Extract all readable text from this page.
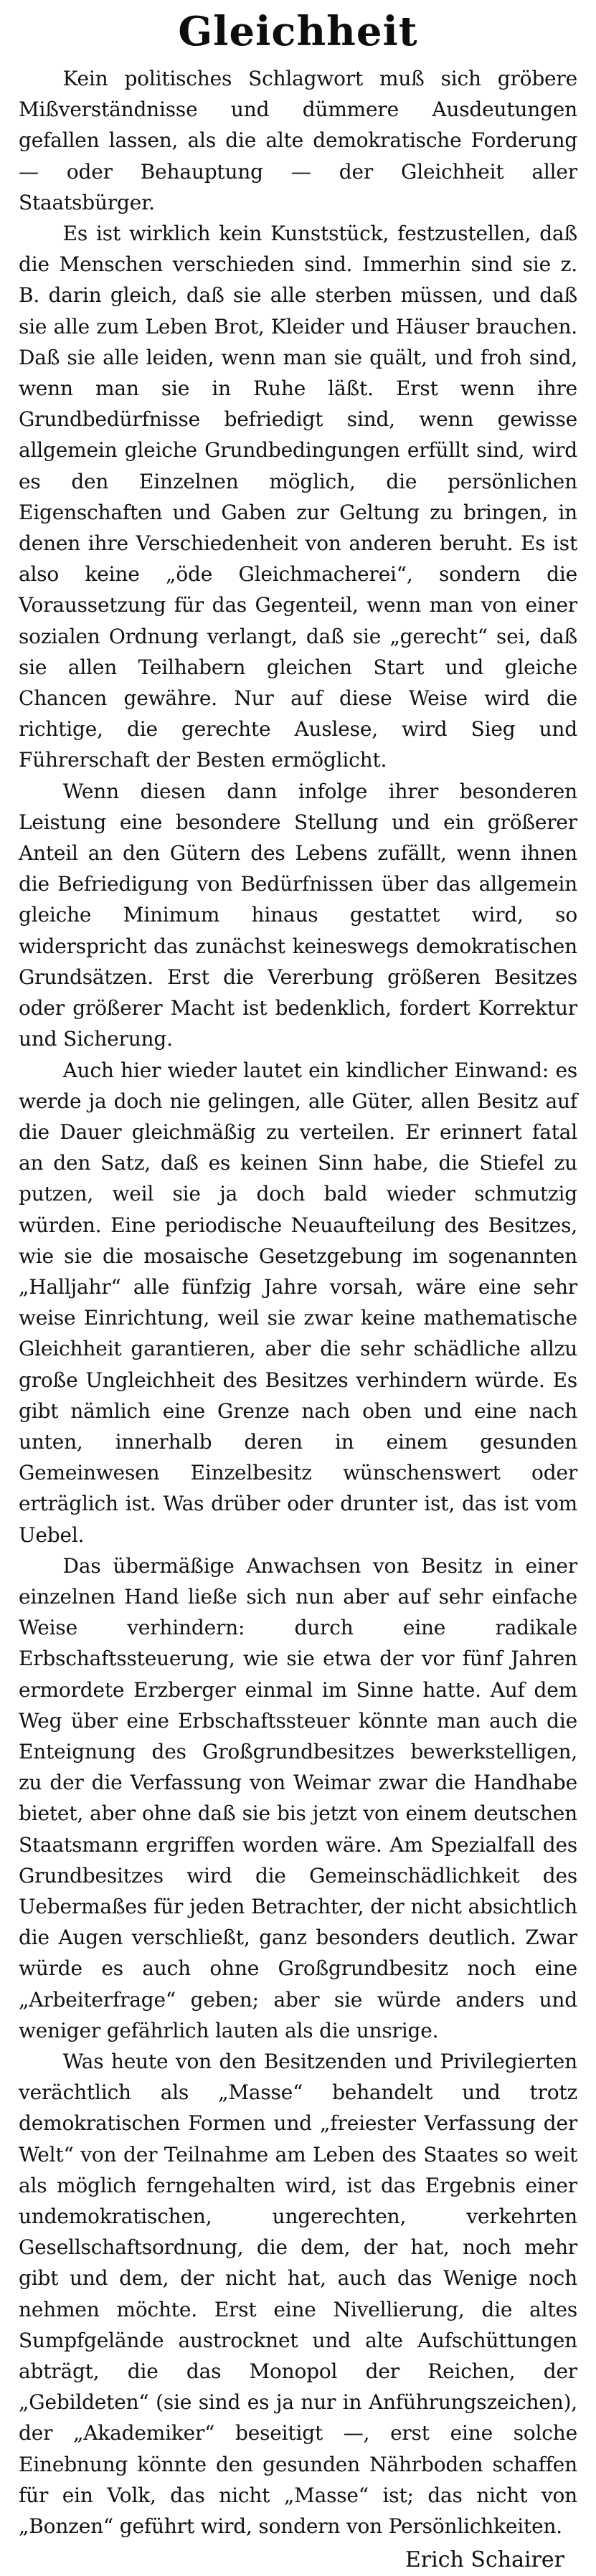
Gleichheit

Kein politisches Schlagwort muß sich gröbere Mißverständnisse und dümmere Ausdeutungen gefallen lassen, als die alte demokratische Forderung — oder Behauptung — der Gleichheit aller Staatsbürger.

Es ist wirklich kein Kunststück, festzustellen, daß die Menschen verschieden sind. Immerhin sind sie z. B. darin gleich, daß sie alle sterben müssen, und daß sie alle zum Leben Brot, Kleider und Häuser brauchen. Daß sie alle leiden, wenn man sie quält, und froh sind, wenn man sie in Ruhe läßt. Erst wenn ihre Grundbedürfnisse befriedigt sind, wenn gewisse allgemein gleiche Grundbedingungen erfüllt sind, wird es den Einzelnen möglich, die persönlichen Eigenschaften und Gaben zur Geltung zu bringen, in denen ihre Verschiedenheit von anderen beruht. Es ist also keine „öde Gleichmacherei“, sondern die Voraussetzung für das Gegenteil, wenn man von einer sozialen Ordnung verlangt, daß sie „gerecht“ sei, daß sie allen Teilhabern gleichen Start und gleiche Chancen gewähre. Nur auf diese Weise wird die richtige, die gerechte Auslese, wird Sieg und Führerschaft der Besten ermöglicht.

Wenn diesen dann infolge ihrer besonderen Leistung eine besondere Stellung und ein größerer Anteil an den Gütern des Lebens zufällt, wenn ihnen die Befriedigung von Bedürfnissen über das allgemein gleiche Minimum hinaus gestattet wird, so widerspricht das zunächst keineswegs demokratischen Grundsätzen. Erst die Vererbung größeren Besitzes oder größerer Macht ist bedenklich, fordert Korrektur und Sicherung.

Auch hier wieder lautet ein kindlicher Einwand: es werde ja doch nie gelingen, alle Güter, allen Besitz auf die Dauer gleichmäßig zu verteilen. Er erinnert fatal an den Satz, daß es keinen Sinn habe, die Stiefel zu putzen, weil sie ja doch bald wieder schmutzig würden. Eine periodische Neuaufteilung des Besitzes, wie sie die mosaische Gesetzgebung im sogenannten „Halljahr“ alle fünfzig Jahre vorsah, wäre eine sehr weise Einrichtung, weil sie zwar keine mathematische Gleichheit garantieren, aber die sehr schädliche allzu große Ungleichheit des Besitzes verhindern würde. Es gibt nämlich eine Grenze nach oben und eine nach unten, innerhalb deren in einem gesunden Gemeinwesen Einzelbesitz wünschenswert oder erträglich ist. Was drüber oder drunter ist, das ist vom Uebel.

Das übermäßige Anwachsen von Besitz in einer einzelnen Hand ließe sich nun aber auf sehr einfache Weise verhindern: durch eine radikale Erbschaftssteuerung, wie sie etwa der vor fünf Jahren ermordete Erzberger einmal im Sinne hatte. Auf dem Weg über eine Erbschaftssteuer könnte man auch die Enteignung des Großgrundbesitzes bewerkstelligen, zu der die Verfassung von Weimar zwar die Handhabe bietet, aber ohne daß sie bis jetzt von einem deutschen Staatsmann ergriffen worden wäre. Am Spezialfall des Grundbesitzes wird die Gemeinschädlichkeit des Uebermaßes für jeden Betrachter, der nicht absichtlich die Augen verschließt, ganz besonders deutlich. Zwar würde es auch ohne Großgrundbesitz noch eine „Arbeiterfrage“ geben; aber sie würde anders und weniger gefährlich lauten als die unsrige.

Was heute von den Besitzenden und Privilegierten verächtlich als „Masse“ behandelt und trotz demokratischen Formen und „freiester Verfassung der Welt“ von der Teilnahme am Leben des Staates so weit als möglich ferngehalten wird, ist das Ergebnis einer undemokratischen, ungerechten, verkehrten Gesellschaftsordnung, die dem, der hat, noch mehr gibt und dem, der nicht hat, auch das Wenige noch nehmen möchte. Erst eine Nivellierung, die altes Sumpfgelände austrocknet und alte Aufschüttungen abträgt, die das Monopol der Reichen, der „Gebildeten“ (sie sind es ja nur in Anführungszeichen), der „Akademiker“ beseitigt —, erst eine solche Einebnung könnte den gesunden Nährboden schaffen für ein Volk, das nicht „Masse“ ist; das nicht von „Bonzen“ geführt wird, sondern von Persönlichkeiten.

Erich Schairer
